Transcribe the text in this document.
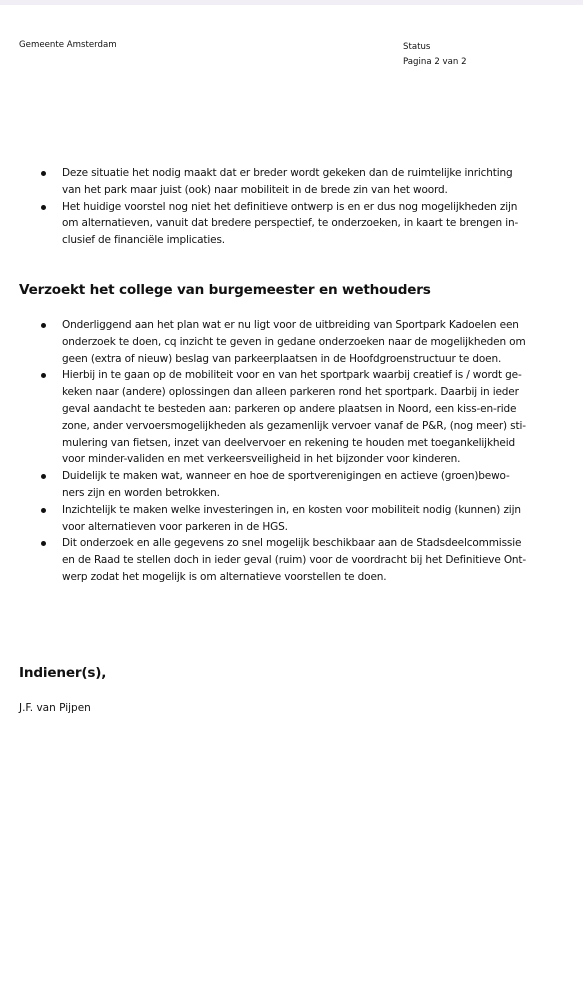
Gemeente Amsterdam	Status
Pagina 2 van 2
Deze situatie het nodig maakt dat er breder wordt gekeken dan de ruimtelijke inrichting
van het park maar juist (ook) naar mobiliteit in de brede zin van het woord.
Het huidige voorstel nog niet het definitieve ontwerp is en er dus nog mogelijkheden zijn
om alternatieven, vanuit dat bredere perspectief, te onderzoeken, in kaart te brengen in-
clusief de financiële implicaties.
Verzoekt het college van burgemeester en wethouders
Onderliggend aan het plan wat er nu ligt voor de uitbreiding van Sportpark Kadoelen een
onderzoek te doen, cq inzicht te geven in gedane onderzoeken naar de mogelijkheden om
geen (extra of nieuw) beslag van parkeerplaatsen in de Hoofdgroenstructuur te doen.
Hierbij in te gaan op de mobiliteit voor en van het sportpark waarbij creatief is / wordt ge-
keken naar (andere) oplossingen dan alleen parkeren rond het sportpark. Daarbij in ieder
geval aandacht te besteden aan: parkeren op andere plaatsen in Noord, een kiss-en-ride
zone, ander vervoersmogelijkheden als gezamenlijk vervoer vanaf de P&R, (nog meer) sti-
mulering van fietsen, inzet van deelvervoer en rekening te houden met toegankelijkheid
voor minder-validen en met verkeersveiligheid in het bijzonder voor kinderen.
Duidelijk te maken wat, wanneer en hoe de sportverenigingen en actieve (groen)bewo-
ners zijn en worden betrokken.
Inzichtelijk te maken welke investeringen in, en kosten voor mobiliteit nodig (kunnen) zijn
voor alternatieven voor parkeren in de HGS.
Dit onderzoek en alle gegevens zo snel mogelijk beschikbaar aan de Stadsdeelcommissie
en de Raad te stellen doch in ieder geval (ruim) voor de voordracht bij het Definitieve Ont-
werp zodat het mogelijk is om alternatieve voorstellen te doen.
Indiener(s),
J.F. van Pijpen
